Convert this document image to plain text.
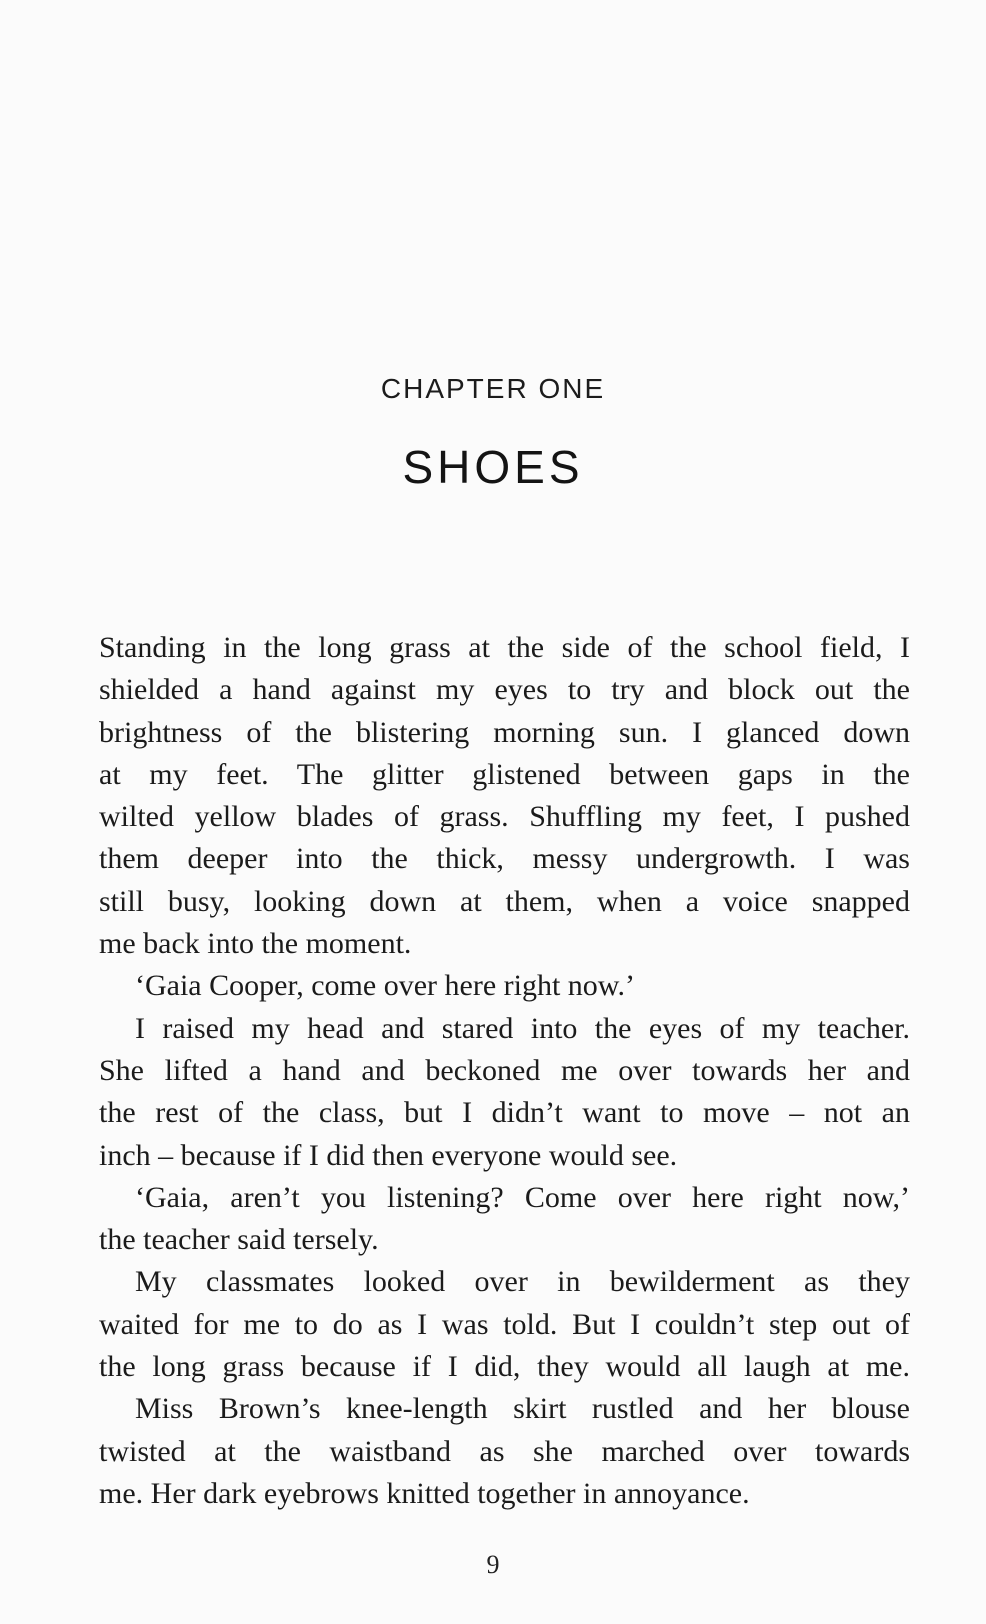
CHAPTER ONE
SHOES
Standing in the long grass at the side of the school field, I
shielded a hand against my eyes to try and block out the
brightness of the blistering morning sun. I glanced down
at my feet. The glitter glistened between gaps in the
wilted yellow blades of grass. Shuffling my feet, I pushed
them deeper into the thick, messy undergrowth. I was
still busy, looking down at them, when a voice snapped
me back into the moment.
‘Gaia Cooper, come over here right now.’
I raised my head and stared into the eyes of my teacher.
She lifted a hand and beckoned me over towards her and
the rest of the class, but I didn’t want to move – not an
inch – because if I did then everyone would see.
‘Gaia, aren’t you listening? Come over here right now,’
the teacher said tersely.
My classmates looked over in bewilderment as they
waited for me to do as I was told. But I couldn’t step out of
the long grass because if I did, they would all laugh at me.
Miss Brown’s knee-length skirt rustled and her blouse
twisted at the waistband as she marched over towards
me. Her dark eyebrows knitted together in annoyance.
9
